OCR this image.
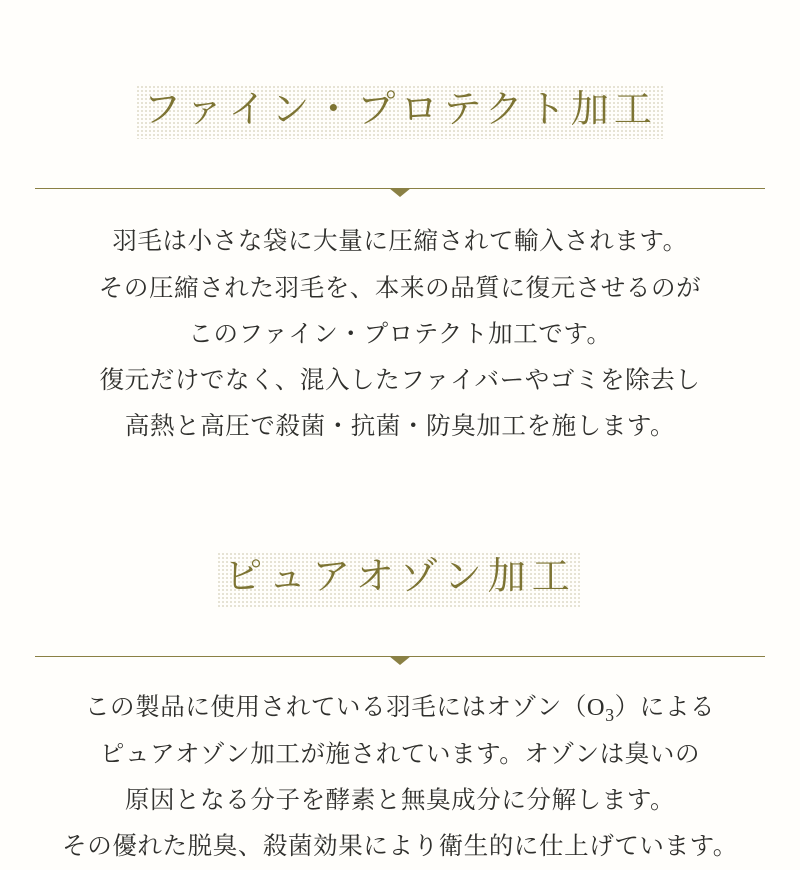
ファイン・プロテクト加工
羽毛は小さな袋に大量に圧縮されて輸入されます。
その圧縮された羽毛を、本来の品質に復元させるのが
このファイン・プロテクト加工です。
復元だけでなく、混入したファイバーやゴミを除去し
高熱と高圧で殺菌・抗菌・防臭加工を施します。
ピュアオゾン加工
この製品に使用されている羽毛にはオゾン$(O_3)$による
ピュアオゾン加工が施されています。オゾンは臭いの
原因となる分子を酵素と無臭成分に分解します。
その優れた脱臭、殺菌効果により衛生的に仕上げています。
